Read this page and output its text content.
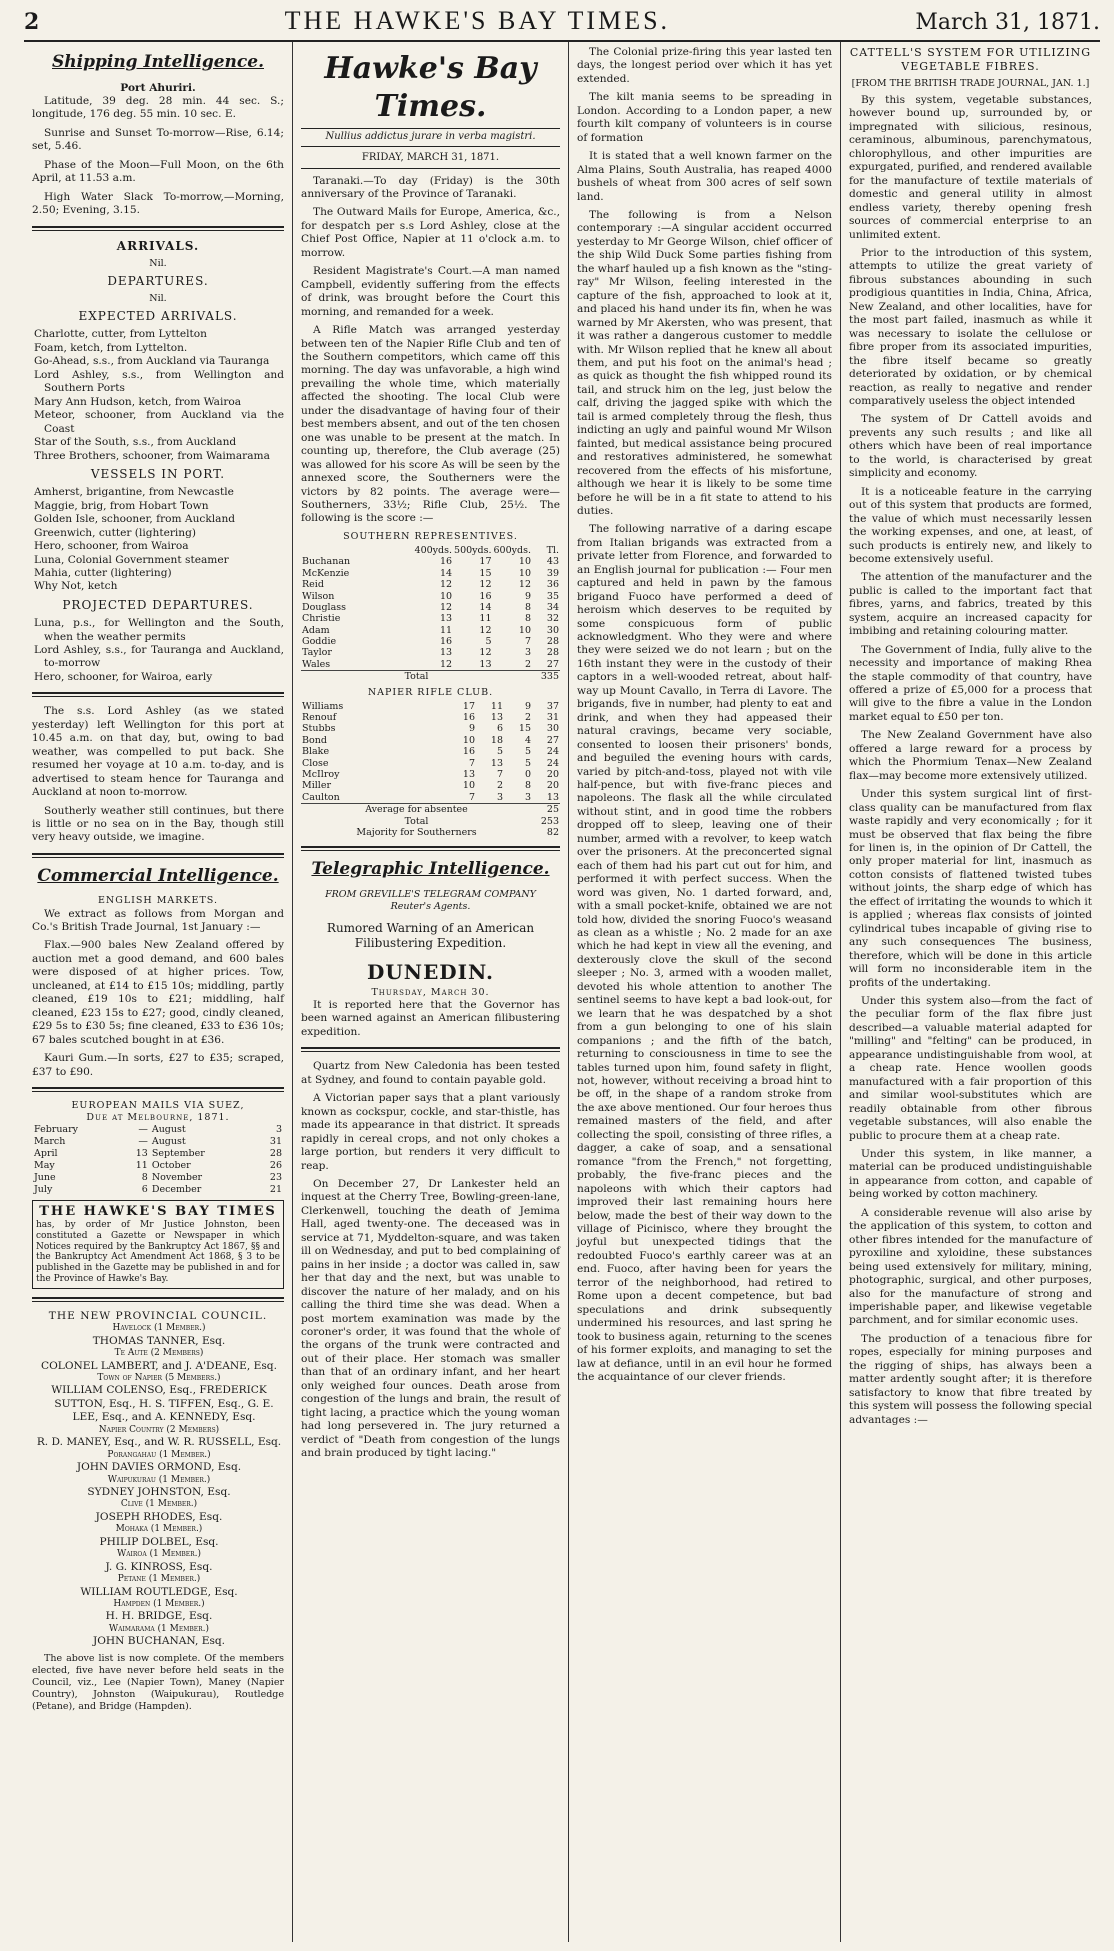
2	THE HAWKE'S BAY TIMES.	March 31, 1871.
Shipping Intelligence.
Port Ahuriri.

Latitude, 39 deg. 28 min. 44 sec. S.; longitude, 176 deg. 55 min. 10 sec. E.

Sunrise and Sunset To-morrow—Rise, 6.14; set, 5.46.

Phase of the Moon—Full Moon, on the 6th April, at 11.53 a.m.

High Water Slack To-morrow,—Morning, 2.50; Evening, 3.15.

ARRIVALS.
Nil.
DEPARTURES.
Nil.
EXPECTED ARRIVALS.
Charlotte, cutter, from Lyttelton
Foam, ketch, from Lyttelton.
Go-Ahead, s.s., from Auckland via Tauranga
Lord Ashley, s.s., from Wellington and Southern Ports
Mary Ann Hudson, ketch, from Wairoa
Meteor, schooner, from Auckland via the Coast
Star of the South, s.s., from Auckland
Three Brothers, schooner, from Waimarama
VESSELS IN PORT.
Amherst, brigantine, from Newcastle
Maggie, brig, from Hobart Town
Golden Isle, schooner, from Auckland
Greenwich, cutter (lightering)
Hero, schooner, from Wairoa
Luna, Colonial Government steamer
Mahia, cutter (lightering)
Why Not, ketch
PROJECTED DEPARTURES.
Luna, p.s., for Wellington and the South, when the weather permits
Lord Ashley, s.s., for Tauranga and Auckland, to-morrow
Hero, schooner, for Wairoa, early

The s.s. Lord Ashley (as we stated yesterday) left Wellington for this port at 10.45 a.m. on that day, but, owing to bad weather, was compelled to put back. She resumed her voyage at 10 a.m. to-day, and is advertised to steam hence for Tauranga and Auckland at noon to-morrow.

Southerly weather still continues, but there is little or no sea on in the Bay, though still very heavy outside, we imagine.

Commercial Intelligence.
ENGLISH MARKETS.

We extract as follows from Morgan and Co.'s British Trade Journal, 1st January :—

Flax.—900 bales New Zealand offered by auction met a good demand, and 600 bales were disposed of at higher prices. Tow, uncleaned, at £14 to £15 10s; middling, partly cleaned, £19 10s to £21; middling, half cleaned, £23 15s to £27; good, cindly cleaned, £29 5s to £30 5s; fine cleaned, £33 to £36 10s; 67 bales scutched bought in at £36.

Kauri Gum.—In sorts, £27 to £35; scraped, £37 to £90.

EUROPEAN MAILS VIA SUEZ,
Due at Melbourne, 1871.
February	—	August	3
March	—	August	31
April	13	September	28
May	11	October	26
June	8	November	23
July	6	December	21
THE HAWKE'S BAY TIMES
has, by order of Mr Justice Johnston, been constituted a Gazette or Newspaper in which Notices required by the Bankruptcy Act 1867, §§ and the Bankruptcy Act Amendment Act 1868, § 3 to be published in the Gazette may be published in and for the Province of Hawke's Bay.
THE NEW PROVINCIAL COUNCIL.
Havelock (1 Member.)
THOMAS TANNER, Esq.
Te Aute (2 Members)
COLONEL LAMBERT, and J. A'DEANE, Esq.
Town of Napier (5 Members.)
WILLIAM COLENSO, Esq., FREDERICK SUTTON, Esq., H. S. TIFFEN, Esq., G. E. LEE, Esq., and A. KENNEDY, Esq.
Napier Country (2 Members)
R. D. MANEY, Esq., and W. R. RUSSELL, Esq.
Porangahau (1 Member.)
JOHN DAVIES ORMOND, Esq.
Waipukurau (1 Member.)
SYDNEY JOHNSTON, Esq.
Clive (1 Member.)
JOSEPH RHODES, Esq.
Mohaka (1 Member.)
PHILIP DOLBEL, Esq.
Wairoa (1 Member.)
J. G. KINROSS, Esq.
Petane (1 Member.)
WILLIAM ROUTLEDGE, Esq.
Hampden (1 Member.)
H. H. BRIDGE, Esq.
Waimarama (1 Member.)
JOHN BUCHANAN, Esq.

The above list is now complete. Of the members elected, five have never before held seats in the Council, viz., Lee (Napier Town), Maney (Napier Country), Johnston (Waipukurau), Routledge (Petane), and Bridge (Hampden).

Hawke's Bay Times.
Nullius addictus jurare in verba magistri.
FRIDAY, MARCH 31, 1871.

Taranaki.—To day (Friday) is the 30th anniversary of the Province of Taranaki.

The Outward Mails for Europe, America, &c., for despatch per s.s Lord Ashley, close at the Chief Post Office, Napier at 11 o'clock a.m. to morrow.

Resident Magistrate's Court.—A man named Campbell, evidently suffering from the effects of drink, was brought before the Court this morning, and remanded for a week.

A Rifle Match was arranged yesterday between ten of the Napier Rifle Club and ten of the Southern competitors, which came off this morning. The day was unfavorable, a high wind prevailing the whole time, which materially affected the shooting. The local Club were under the disadvantage of having four of their best members absent, and out of the ten chosen one was unable to be present at the match. In counting up, therefore, the Club average (25) was allowed for his score As will be seen by the annexed score, the Southerners were the victors by 82 points. The average were—Southerners, 33½; Rifle Club, 25½. The following is the score :—

SOUTHERN REPRESENTIVES.
	400yds.	500yds.	600yds.	Tl.
Buchanan	16	17	10	43
McKenzie	14	15	10	39
Reid	12	12	12	36
Wilson	10	16	9	35
Douglass	12	14	8	34
Christie	13	11	8	32
Adam	11	12	10	30
Goddie	16	5	7	28
Taylor	13	12	3	28
Wales	12	13	2	27
Total				335
NAPIER RIFLE CLUB.
Williams	17	11	9	37
Renouf	16	13	2	31
Stubbs	9	6	15	30
Bond	10	18	4	27
Blake	16	5	5	24
Close	7	13	5	24
McIlroy	13	7	0	20
Miller	10	2	8	20
Caulton	7	3	3	13
Average for absentee				25
Total				253
Majority for Southerners				82
Telegraphic Intelligence.
FROM GREVILLE'S TELEGRAM COMPANY
Reuter's Agents.
Rumored Warning of an American Filibustering Expedition.
DUNEDIN.
Thursday, March 30.

It is reported here that the Governor has been warned against an American filibustering expedition.

Quartz from New Caledonia has been tested at Sydney, and found to contain payable gold.

A Victorian paper says that a plant variously known as cockspur, cockle, and star-thistle, has made its appearance in that district. It spreads rapidly in cereal crops, and not only chokes a large portion, but renders it very difficult to reap.

On December 27, Dr Lankester held an inquest at the Cherry Tree, Bowling-green-lane, Clerkenwell, touching the death of Jemima Hall, aged twenty-one. The deceased was in service at 71, Myddelton-square, and was taken ill on Wednesday, and put to bed complaining of pains in her inside ; a doctor was called in, saw her that day and the next, but was unable to discover the nature of her malady, and on his calling the third time she was dead. When a post mortem examination was made by the coroner's order, it was found that the whole of the organs of the trunk were contracted and out of their place. Her stomach was smaller than that of an ordinary infant, and her heart only weighed four ounces. Death arose from congestion of the lungs and brain, the result of tight lacing, a practice which the young woman had long persevered in. The jury returned a verdict of "Death from congestion of the lungs and brain produced by tight lacing."

The Colonial prize-firing this year lasted ten days, the longest period over which it has yet extended.

The kilt mania seems to be spreading in London. According to a London paper, a new fourth kilt company of volunteers is in course of formation

It is stated that a well known farmer on the Alma Plains, South Australia, has reaped 4000 bushels of wheat from 300 acres of self sown land.

The following is from a Nelson contemporary :—A singular accident occurred yesterday to Mr George Wilson, chief officer of the ship Wild Duck Some parties fishing from the wharf hauled up a fish known as the "sting-ray" Mr Wilson, feeling interested in the capture of the fish, approached to look at it, and placed his hand under its fin, when he was warned by Mr Akersten, who was present, that it was rather a dangerous customer to meddle with. Mr Wilson replied that he knew all about them, and put his foot on the animal's head ; as quick as thought the fish whipped round its tail, and struck him on the leg, just below the calf, driving the jagged spike with which the tail is armed completely throug the flesh, thus indicting an ugly and painful wound Mr Wilson fainted, but medical assistance being procured and restoratives administered, he somewhat recovered from the effects of his misfortune, although we hear it is likely to be some time before he will be in a fit state to attend to his duties.

The following narrative of a daring escape from Italian brigands was extracted from a private letter from Florence, and forwarded to an English journal for publication :— Four men captured and held in pawn by the famous brigand Fuoco have performed a deed of heroism which deserves to be requited by some conspicuous form of public acknowledgment. Who they were and where they were seized we do not learn ; but on the 16th instant they were in the custody of their captors in a well-wooded retreat, about half-way up Mount Cavallo, in Terra di Lavore. The brigands, five in number, had plenty to eat and drink, and when they had appeased their natural cravings, became very sociable, consented to loosen their prisoners' bonds, and beguiled the evening hours with cards, varied by pitch-and-toss, played not with vile half-pence, but with five-franc pieces and napoleons. The flask all the while circulated without stint, and in good time the robbers dropped off to sleep, leaving one of their number, armed with a revolver, to keep watch over the prisoners. At the preconcerted signal each of them had his part cut out for him, and performed it with perfect success. When the word was given, No. 1 darted forward, and, with a small pocket-knife, obtained we are not told how, divided the snoring Fuoco's weasand as clean as a whistle ; No. 2 made for an axe which he had kept in view all the evening, and dexterously clove the skull of the second sleeper ; No. 3, armed with a wooden mallet, devoted his whole attention to another The sentinel seems to have kept a bad look-out, for we learn that he was despatched by a shot from a gun belonging to one of his slain companions ; and the fifth of the batch, returning to consciousness in time to see the tables turned upon him, found safety in flight, not, however, without receiving a broad hint to be off, in the shape of a random stroke from the axe above mentioned. Our four heroes thus remained masters of the field, and after collecting the spoil, consisting of three rifles, a dagger, a cake of soap, and a sensational romance "from the French," not forgetting, probably, the five-franc pieces and the napoleons with which their captors had improved their last remaining hours here below, made the best of their way down to the village of Picinisco, where they brought the joyful but unexpected tidings that the redoubted Fuoco's earthly career was at an end. Fuoco, after having been for years the terror of the neighborhood, had retired to Rome upon a decent competence, but bad speculations and drink subsequently undermined his resources, and last spring he took to business again, returning to the scenes of his former exploits, and managing to set the law at defiance, until in an evil hour he formed the acquaintance of our clever friends.

CATTELL'S SYSTEM FOR UTILIZING VEGETABLE FIBRES.
[FROM THE BRITISH TRADE JOURNAL, JAN. 1.]

By this system, vegetable substances, however bound up, surrounded by, or impregnated with silicious, resinous, ceraminous, albuminous, parenchymatous, chlorophyllous, and other impurities are expurgated, purified, and rendered available for the manufacture of textile materials of domestic and general utility in almost endless variety, thereby opening fresh sources of commercial enterprise to an unlimited extent.

Prior to the introduction of this system, attempts to utilize the great variety of fibrous substances abounding in such prodigious quantities in India, China, Africa, New Zealand, and other localities, have for the most part failed, inasmuch as while it was necessary to isolate the cellulose or fibre proper from its associated impurities, the fibre itself became so greatly deteriorated by oxidation, or by chemical reaction, as really to negative and render comparatively useless the object intended

The system of Dr Cattell avoids and prevents any such results ; and like all others which have been of real importance to the world, is characterised by great simplicity and economy.

It is a noticeable feature in the carrying out of this system that products are formed, the value of which must necessarily lessen the working expenses, and one, at least, of such products is entirely new, and likely to become extensively useful.

The attention of the manufacturer and the public is called to the important fact that fibres, yarns, and fabrics, treated by this system, acquire an increased capacity for imbibing and retaining colouring matter.

The Government of India, fully alive to the necessity and importance of making Rhea the staple commodity of that country, have offered a prize of £5,000 for a process that will give to the fibre a value in the London market equal to £50 per ton.

The New Zealand Government have also offered a large reward for a process by which the Phormium Tenax—New Zealand flax—may become more extensively utilized.

Under this system surgical lint of first-class quality can be manufactured from flax waste rapidly and very economically ; for it must be observed that flax being the fibre for linen is, in the opinion of Dr Cattell, the only proper material for lint, inasmuch as cotton consists of flattened twisted tubes without joints, the sharp edge of which has the effect of irritating the wounds to which it is applied ; whereas flax consists of jointed cylindrical tubes incapable of giving rise to any such consequences The business, therefore, which will be done in this article will form no inconsiderable item in the profits of the undertaking.

Under this system also—from the fact of the peculiar form of the flax fibre just described—a valuable material adapted for "milling" and "felting" can be produced, in appearance undistinguishable from wool, at a cheap rate. Hence woollen goods manufactured with a fair proportion of this and similar wool-substitutes which are readily obtainable from other fibrous vegetable substances, will also enable the public to procure them at a cheap rate.

Under this system, in like manner, a material can be produced undistinguishable in appearance from cotton, and capable of being worked by cotton machinery.

A considerable revenue will also arise by the application of this system, to cotton and other fibres intended for the manufacture of pyroxiline and xyloidine, these substances being used extensively for military, mining, photographic, surgical, and other purposes, also for the manufacture of strong and imperishable paper, and likewise vegetable parchment, and for similar economic uses.

The production of a tenacious fibre for ropes, especially for mining purposes and the rigging of ships, has always been a matter ardently sought after; it is therefore satisfactory to know that fibre treated by this system will possess the following special advantages :—
